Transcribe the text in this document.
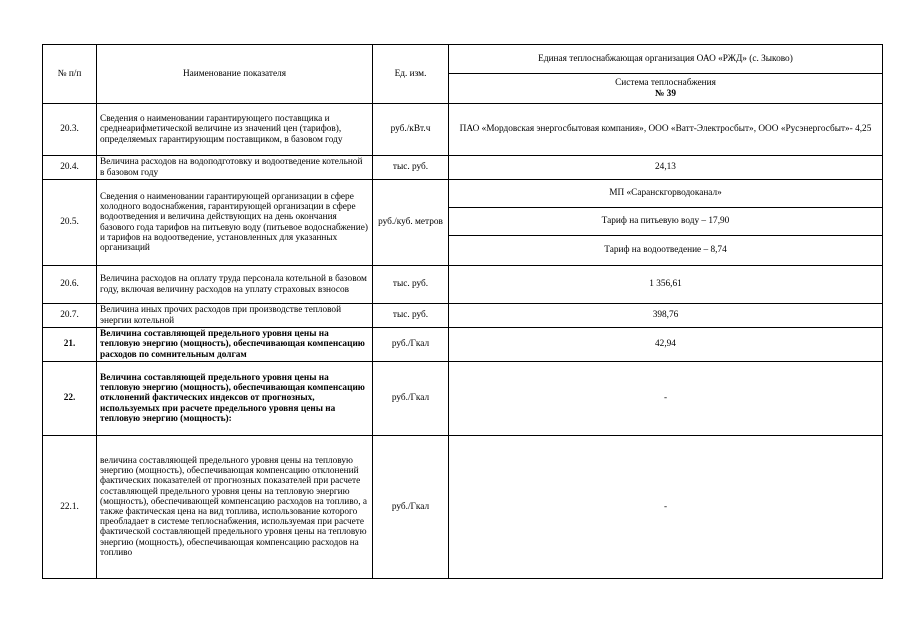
№ п/п	Наименование показателя	Ед. изм.	Единая теплоснабжающая организация ОАО «РЖД» (с. Зыково)

			Система теплоснабжения
№ 39

20.3.	Сведения о наименовании гарантирующего поставщика и среднеарифметической величине из значений цен (тарифов), определяемых гарантирующим поставщиком, в базовом году	руб./кВт.ч	ПАО «Мордовская энергосбытовая компания», ООО «Ватт-Электросбыт», ООО «Русэнергосбыт»- 4,25
20.4.	Величина расходов на водоподготовку и водоотведение котельной в базовом году	тыс. руб.	24,13
20.5.	Сведения о наименовании гарантирующей организации в сфере холодного водоснабжения, гарантирующей организации в сфере водоотведения и величина действующих на день окончания базового года тарифов на питьевую воду (питьевое водоснабжение) и тарифов на водоотведение, установленных для указанных организаций	руб./куб. метров	МП «Саранскгорводоканал»
			Тариф на питьевую воду – 17,90
			Тариф на водоотведение – 8,74
20.6.	Величина расходов на оплату труда персонала котельной в базовом году, включая величину расходов на уплату страховых взносов	тыс. руб.	1 356,61
20.7.	Величина иных прочих расходов при производстве тепловой энергии котельной	тыс. руб.	398,76
21.	Величина составляющей предельного уровня цены на тепловую энергию (мощность), обеспечивающая компенсацию расходов по сомнительным долгам	руб./Гкал	42,94
22.	Величина составляющей предельного уровня цены на тепловую энергию (мощность), обеспечивающая компенсацию отклонений фактических индексов от прогнозных, используемых при расчете предельного уровня цены на тепловую энергию (мощность):	руб./Гкал	-
22.1.	величина составляющей предельного уровня цены на тепловую энергию (мощность), обеспечивающая компенсацию отклонений фактических показателей от прогнозных показателей при расчете составляющей предельного уровня цены на тепловую энергию (мощность), обеспечивающей компенсацию расходов на топливо, а также фактическая цена на вид топлива, использование которого преобладает в системе теплоснабжения, используемая при расчете фактической составляющей предельного уровня цены на тепловую энергию (мощность), обеспечивающая компенсацию расходов на топливо	руб./Гкал	-
